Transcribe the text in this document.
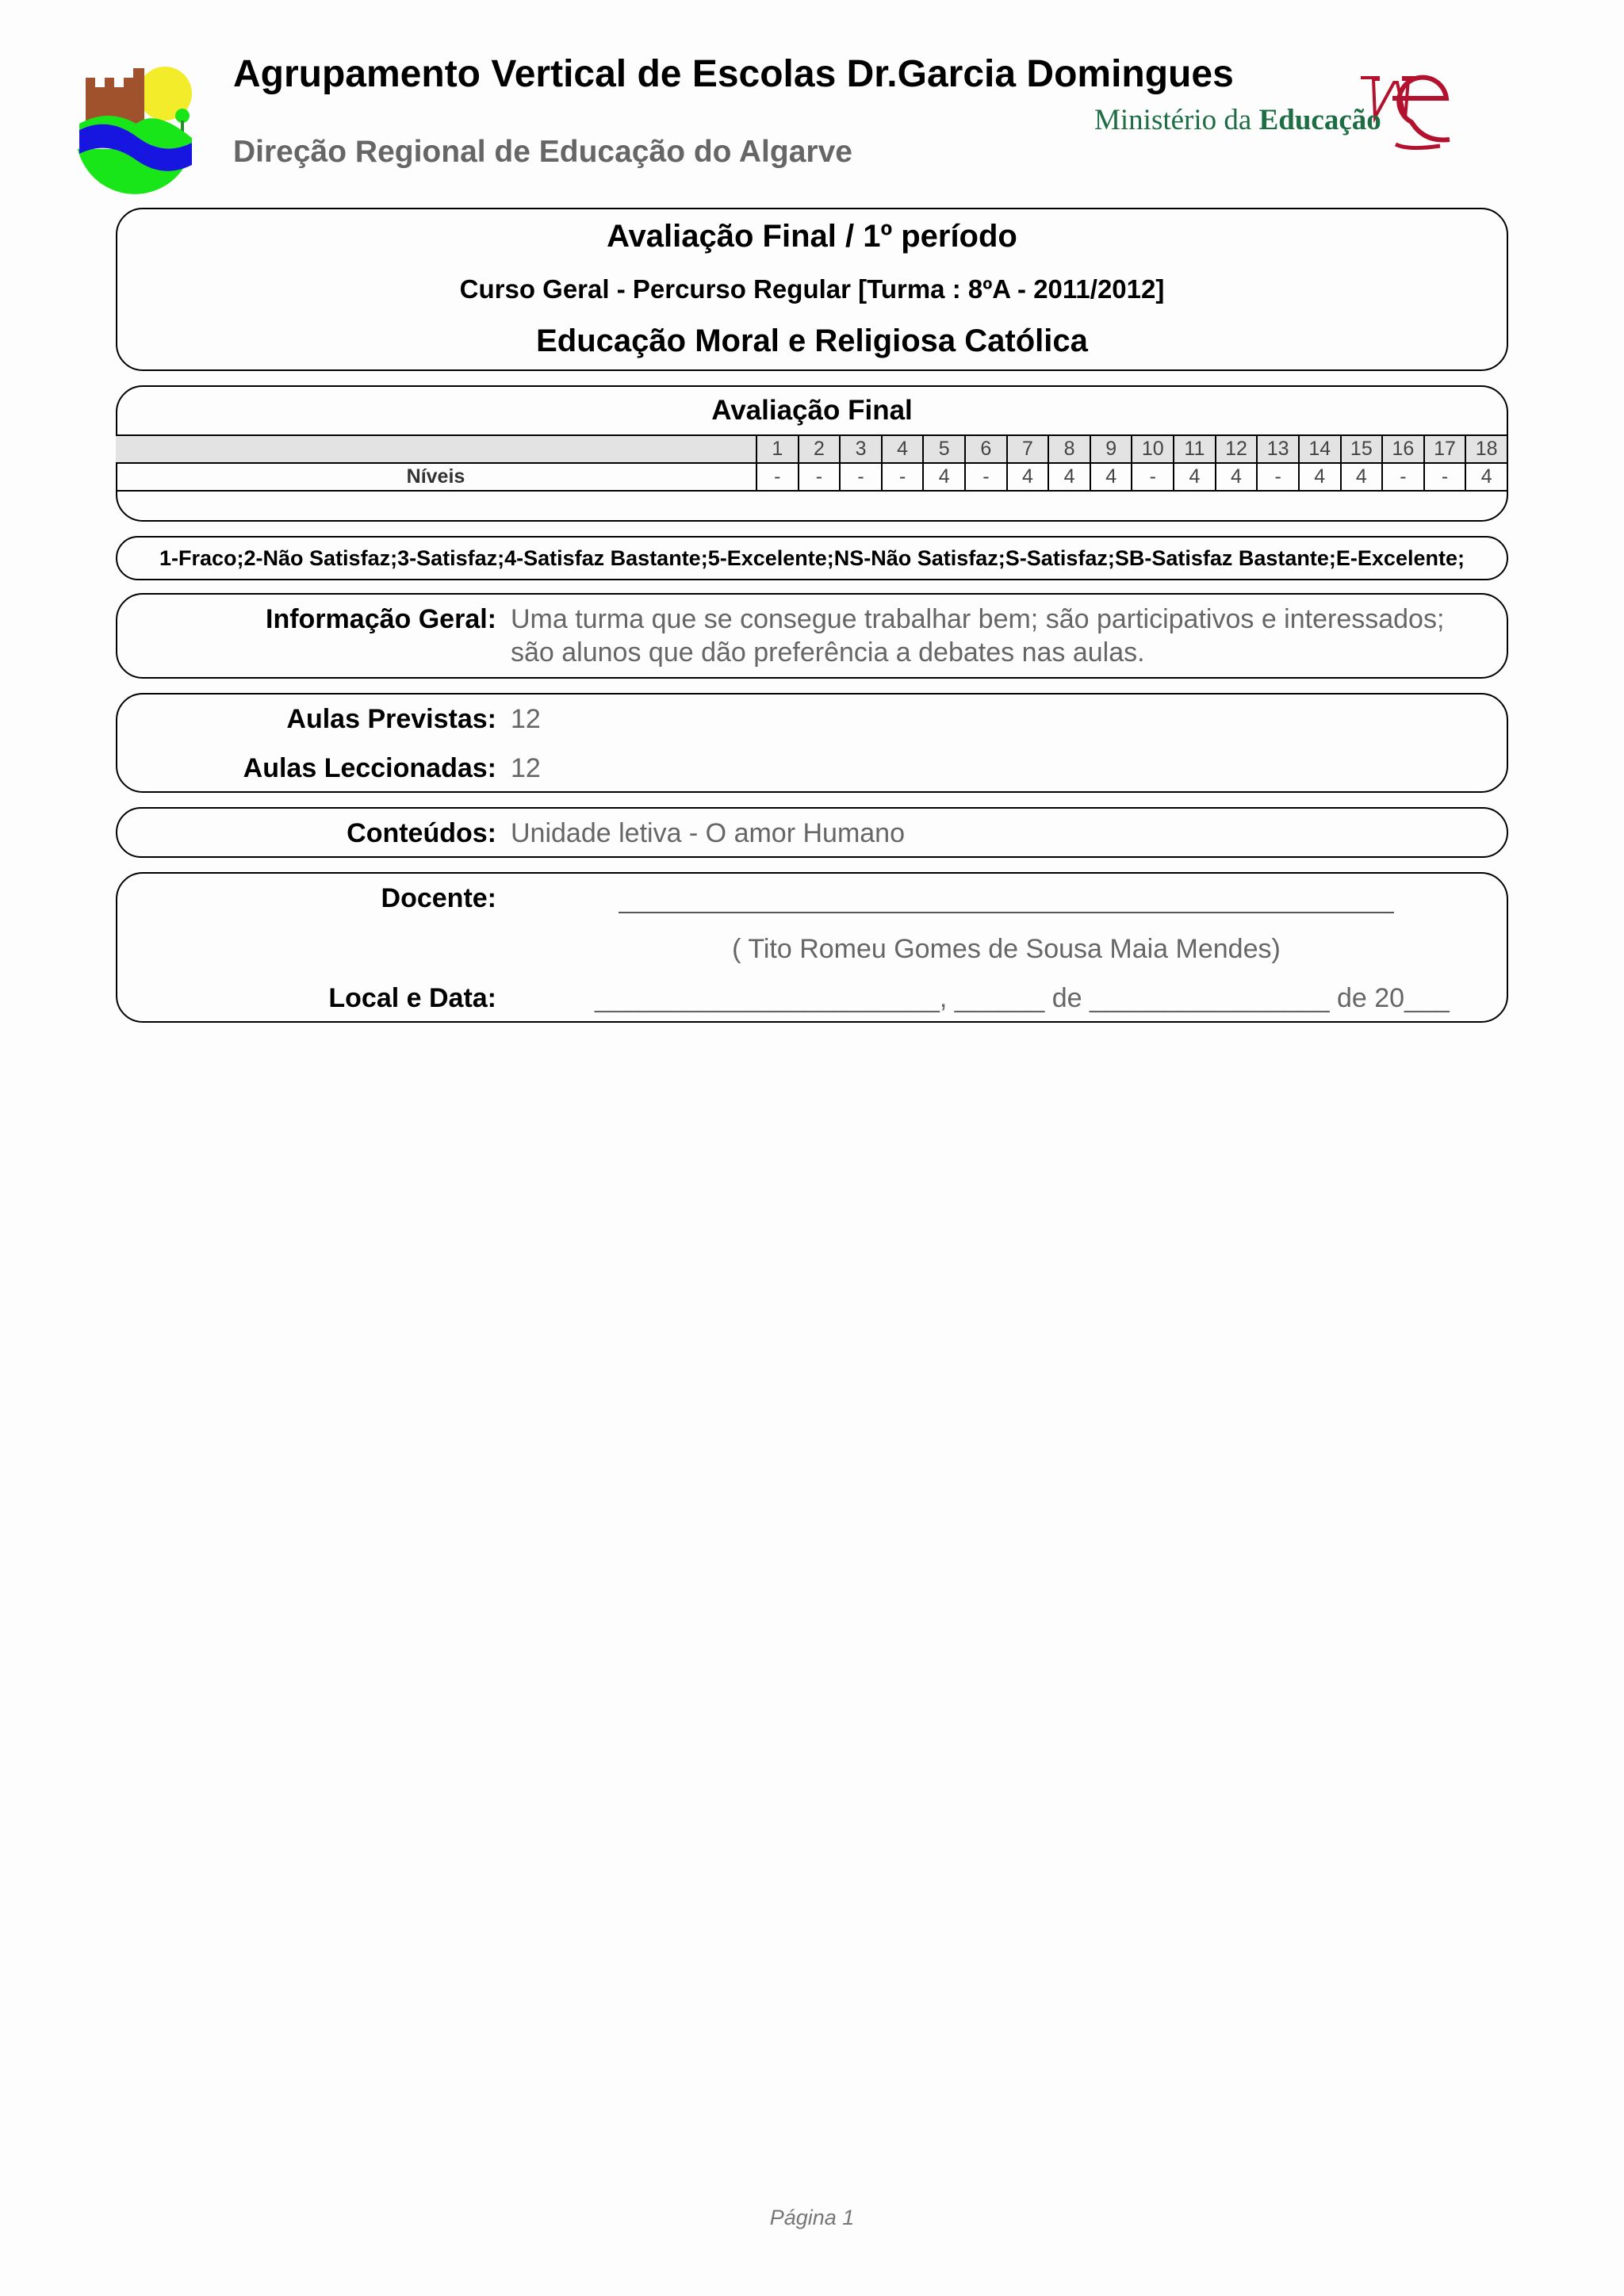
Agrupamento Vertical de Escolas Dr.Garcia Domingues
Direção Regional de Educação do Algarve
Ministério da Educação
Avaliação Final / 1º período
Curso Geral - Percurso Regular [Turma : 8ºA - 2011/2012]
Educação Moral e Religiosa Católica
Avaliação Final
	1	2	3	4	5	6	7	8	9	10	11	12	13	14	15	16	17	18
Níveis	-	-	-	-	4	-	4	4	4	-	4	4	-	4	4	-	-	4
1-Fraco;2-Não Satisfaz;3-Satisfaz;4-Satisfaz Bastante;5-Excelente;NS-Não Satisfaz;S-Satisfaz;SB-Satisfaz Bastante;E-Excelente;
Informação Geral: Uma turma que se consegue trabalhar bem; são participativos e interessados;
são alunos que dão preferência a debates nas aulas.
Aulas Previstas: 12
Aulas Leccionadas: 12
Conteúdos: Unidade letiva - O amor Humano
Docente:
( Tito Romeu Gomes de Sousa Maia Mendes)
Local e Data:	_______________________, ______ de ________________ de 20___
Página 1
